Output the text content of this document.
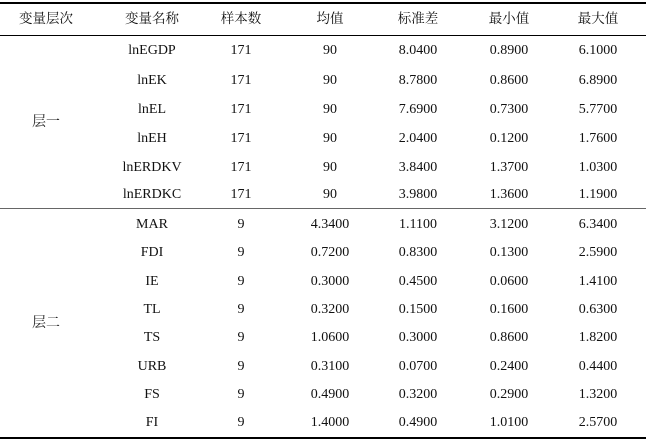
变量层次	变量名称	样本数	均值	标准差	最小值	最大值
层一
lnEGDP	171	90	8.0400	0.8900	6.1000
lnEK	171	90	8.7800	0.8600	6.8900
lnEL	171	90	7.6900	0.7300	5.7700
lnEH	171	90	2.0400	0.1200	1.7600
lnERDKV	171	90	3.8400	1.3700	1.0300
lnERDKC	171	90	3.9800	1.3600	1.1900
层二
MAR	9	4.3400	1.1100	3.1200	6.3400
FDI	9	0.7200	0.8300	0.1300	2.5900
IE	9	0.3000	0.4500	0.0600	1.4100
TL	9	0.3200	0.1500	0.1600	0.6300
TS	9	1.0600	0.3000	0.8600	1.8200
URB	9	0.3100	0.0700	0.2400	0.4400
FS	9	0.4900	0.3200	0.2900	1.3200
FI	9	1.4000	0.4900	1.0100	2.5700
